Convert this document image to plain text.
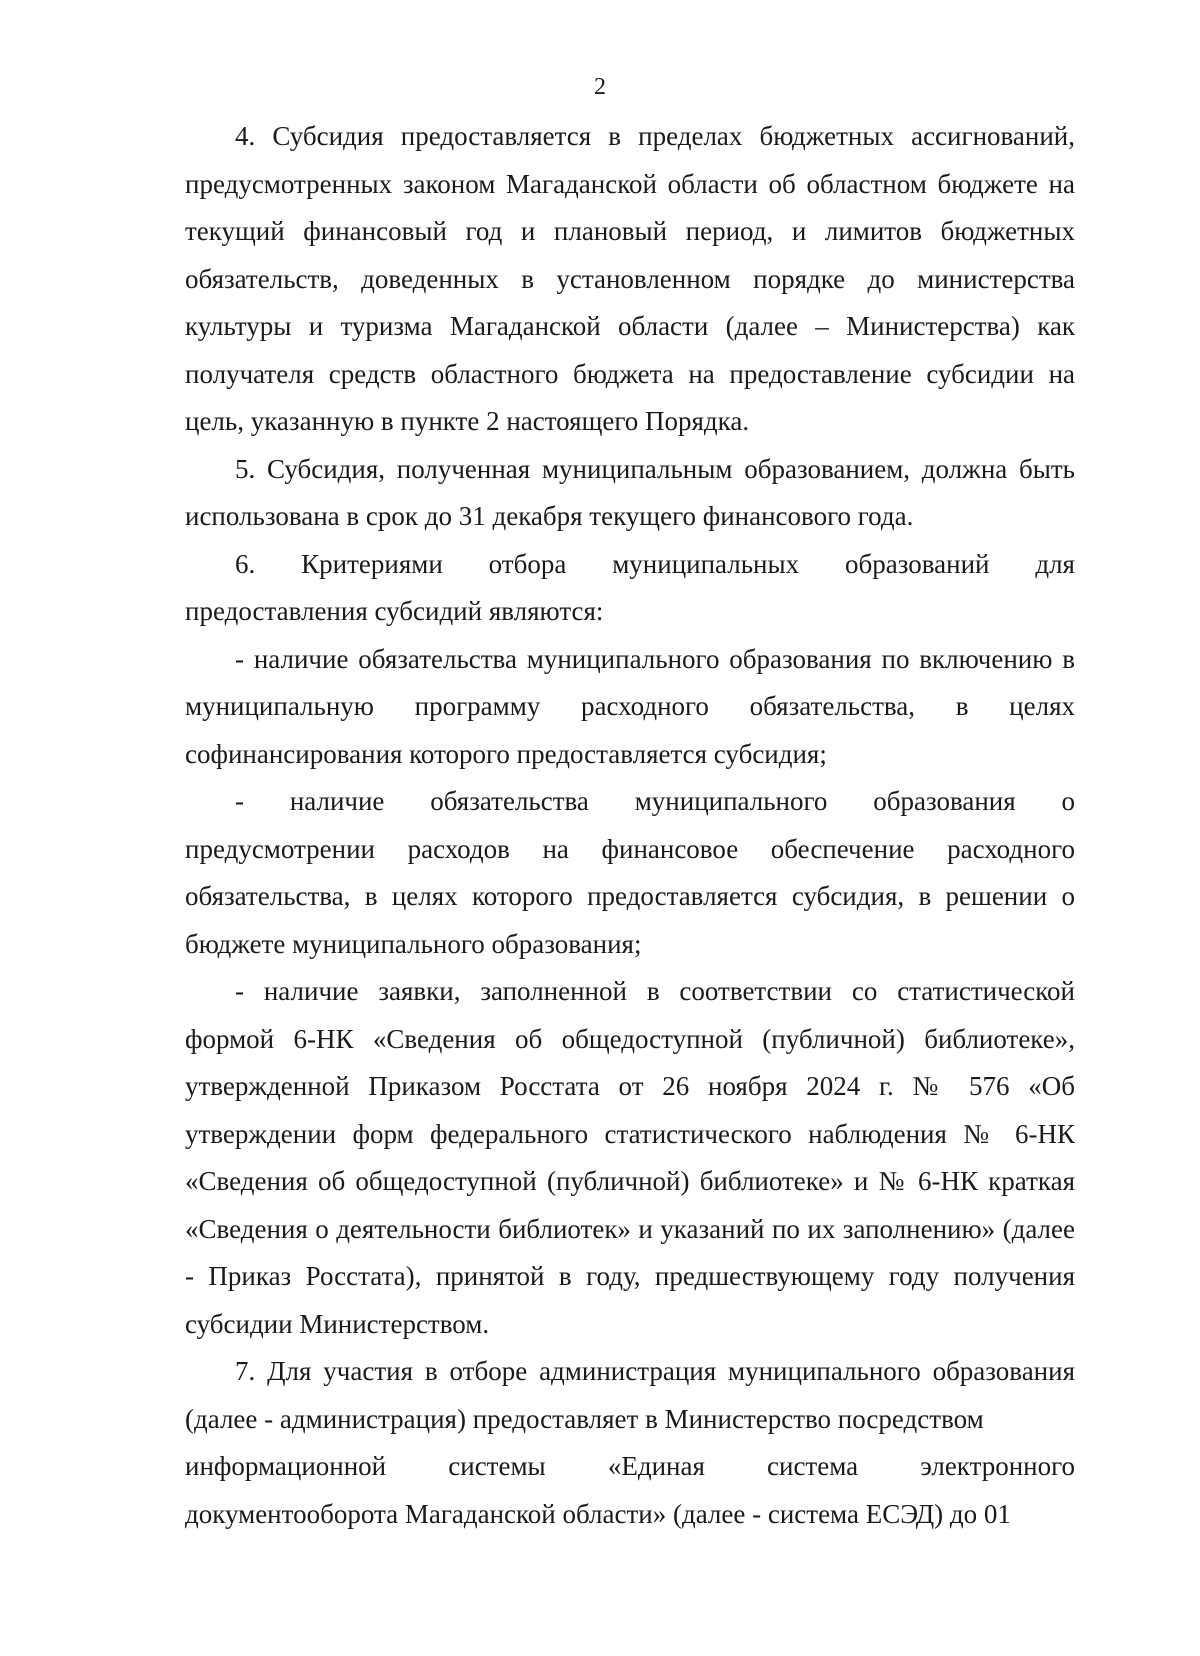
2

4. Субсидия предоставляется в пределах бюджетных ассигнований, предусмотренных законом Магаданской области об областном бюджете на текущий финансовый год и плановый период, и лимитов бюджетных обязательств, доведенных в установленном порядке до министерства культуры и туризма Магаданской области (далее – Министерства) как получателя средств областного бюджета на предоставление субсидии на цель, указанную в пункте 2 настоящего Порядка.

5. Субсидия, полученная муниципальным образованием, должна быть использована в срок до 31 декабря текущего финансового года.

6. Критериями отбора муниципальных образований для

предоставления субсидий являются:

- наличие обязательства муниципального образования по включению в муниципальную программу расходного обязательства, в целях софинансирования которого предоставляется субсидия;

- наличие обязательства муниципального образования о

предусмотрении расходов на финансовое обеспечение расходного обязательства, в целях которого предоставляется субсидия, в решении о бюджете муниципального образования;

- наличие заявки, заполненной в соответствии со статистической формой 6-НК «Сведения об общедоступной (публичной) библиотеке», утвержденной Приказом Росстата от 26 ноября 2024 г. № 576 «Об утверждении форм федерального статистического наблюдения № 6-НК «Сведения об общедоступной (публичной) библиотеке» и № 6-НК краткая «Сведения о деятельности библиотек» и указаний по их заполнению» (далее - Приказ Росстата), принятой в году, предшествующему году получения субсидии Министерством.

7. Для участия в отборе администрация муниципального образования (далее - администрация) предоставляет в Министерство посредством

информационной системы «Единая система электронного

документооборота Магаданской области» (далее - система ЕСЭД) до 01
